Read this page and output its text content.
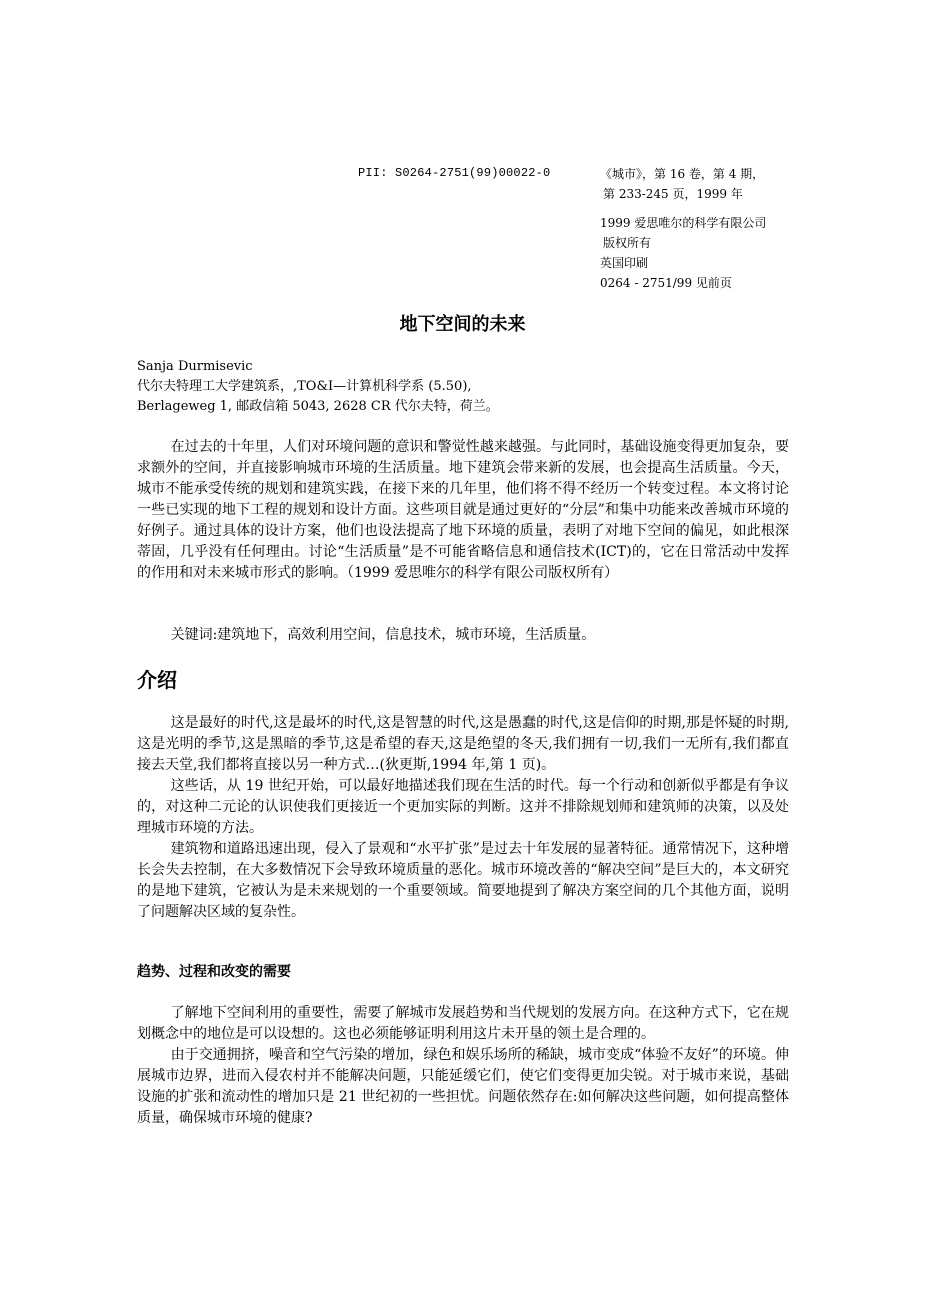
PII: S0264-2751(99)00022-0	《城市》，第 16 卷，第 4 期，
第 233-245 页，1999 年
1999 爱思唯尔的科学有限公司
版权所有
英国印刷
0264 - 2751/99 见前页
地下空间的未来
Sanja Durmisevic
代尔夫特理工大学建筑系，,TO&I—计算机科学系 (5.50),
Berlageweg 1, 邮政信箱 5043, 2628 CR 代尔夫特，荷兰。

在过去的十年里，人们对环境问题的意识和警觉性越来越强。与此同时，基础设施变得更加复杂，要求额外的空间，并直接影响城市环境的生活质量。地下建筑会带来新的发展，也会提高生活质量。今天，城市不能承受传统的规划和建筑实践，在接下来的几年里，他们将不得不经历一个转变过程。本文将讨论一些已实现的地下工程的规划和设计方面。这些项目就是通过更好的“分层”和集中功能来改善城市环境的好例子。通过具体的设计方案，他们也设法提高了地下环境的质量，表明了对地下空间的偏见，如此根深蒂固，几乎没有任何理由。讨论“生活质量”是不可能省略信息和通信技术(ICT)的，它在日常活动中发挥的作用和对未来城市形式的影响。（1999 爱思唯尔的科学有限公司版权所有）

关键词:建筑地下，高效利用空间，信息技术，城市环境，生活质量。

介绍

这是最好的时代,这是最坏的时代,这是智慧的时代,这是愚蠢的时代,这是信仰的时期,那是怀疑的时期,这是光明的季节,这是黑暗的季节,这是希望的春天,这是绝望的冬天,我们拥有一切,我们一无所有,我们都直接去天堂,我们都将直接以另一种方式…(狄更斯,1994 年,第 1 页)。

这些话，从 19 世纪开始，可以最好地描述我们现在生活的时代。每一个行动和创新似乎都是有争议的，对这种二元论的认识使我们更接近一个更加实际的判断。这并不排除规划师和建筑师的决策，以及处理城市环境的方法。

建筑物和道路迅速出现，侵入了景观和“水平扩张”是过去十年发展的显著特征。通常情况下，这种增长会失去控制，在大多数情况下会导致环境质量的恶化。城市环境改善的“解决空间”是巨大的，本文研究的是地下建筑，它被认为是未来规划的一个重要领域。简要地提到了解决方案空间的几个其他方面，说明了问题解决区域的复杂性。

趋势、过程和改变的需要

了解地下空间利用的重要性，需要了解城市发展趋势和当代规划的发展方向。在这种方式下，它在规划概念中的地位是可以设想的。这也必须能够证明利用这片未开垦的领土是合理的。

由于交通拥挤，噪音和空气污染的增加，绿色和娱乐场所的稀缺，城市变成“体验不友好”的环境。伸展城市边界，进而入侵农村并不能解决问题，只能延缓它们，使它们变得更加尖锐。对于城市来说，基础设施的扩张和流动性的增加只是 21 世纪初的一些担忧。问题依然存在:如何解决这些问题，如何提高整体质量，确保城市环境的健康?
